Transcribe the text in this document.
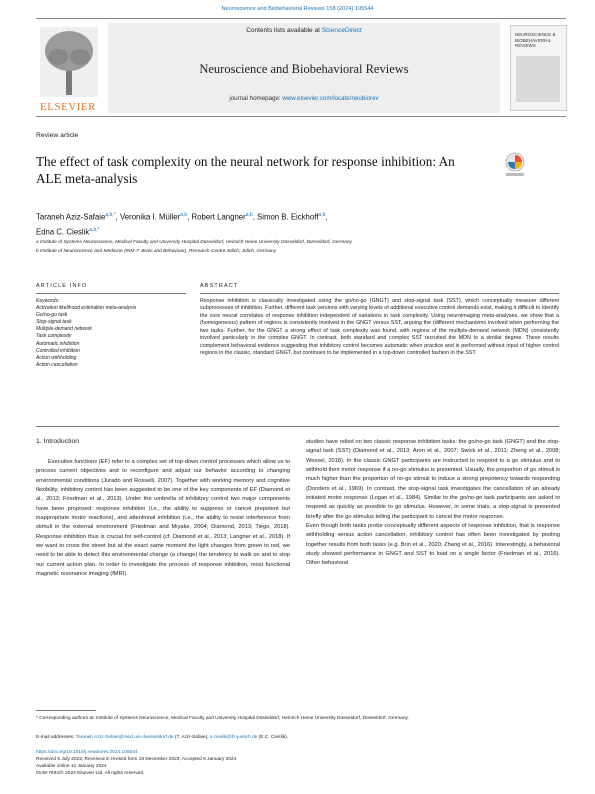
Neuroscience and Biobehavioral Reviews 158 (2024) 105544
ELSEVIER
Contents lists available at ScienceDirect
Neuroscience and Biobehavioral Reviews
journal homepage: www.elsevier.com/locate/neubiorev
NEUROSCIENCE & BIOBEHAVIORAL REVIEWS
Review article
The effect of task complexity on the neural network for response inhibition: An ALE meta-analysis
Taraneh Aziz-Safaie$^{a,b,*}$, Veronika I. Müller$^{a,b}$, Robert Langner$^{a,b}$, Simon B. Eickhoff$^{a,b}$,
Edna C. Cieslik$^{a,b,*}$
a Institute of Systems Neuroscience, Medical Faculty and University Hospital Düsseldorf, Heinrich Heine University Düsseldorf, Düsseldorf, Germany
b Institute of Neuroscience and Medicine (INM-7: Brain and Behaviour), Research Centre Jülich, Jülich, Germany
ARTICLE INFO	ABSTRACT
Keywords:
Activation likelihood estimation meta-analysis
Go/no-go task
Stop-signal task
Multiple-demand network
Task complexity
Automatic inhibition
Controlled inhibition
Action withholding
Action cancellation
Response inhibition is classically investigated using the go/no-go (GNGT) and stop-signal task (SST), which conceptually measure different subprocesses of inhibition. Further, different task versions with varying levels of additional executive control demands exist, making it difficult to identify the core neural correlates of response inhibition independent of variations in task complexity. Using neuroimaging meta-analyses, we show that a (homogeneous) pattern of regions is consistently involved in the GNGT versus SST, arguing the (different mechanisms involved when performing the two tasks. Further, for the GNGT a strong effect of task complexity was found, with regions of the multiple-demand network (MDN) consistently involved particularly in the complex GNGT. In contrast, both standard and complex SST recruited the MDN to a similar degree. These results complement behavioral evidence suggesting that inhibitory control becomes automatic when practice and is performed without input of higher control regions in the classic, standard GNGT, but continues to be implemented in a top-down controlled fashion in the SST.
1. Introduction
Executive functions (EF) refer to a complex set of top-down control processes which allow us to process current objectives and to reconfigure and adjust our behavior according to changing environmental conditions (Jurado and Rosselli, 2007). Together with working memory and cognitive flexibility, inhibitory control has been suggested to be one of the key components of EF (Diamond et al., 2013; Friedman et al., 2013). Under the umbrella of inhibitory control two major components have been proposed: response inhibition (i.e., the ability to suppress or cancel prepotent but inappropriate motor reactions), and attentional inhibition (i.e., the ability to resist interference from stimuli in the external environment (Friedman and Miyake, 2004; Diamond, 2013; Tiego, 2018). Response inhibition thus is crucial for self-control (cf. Diamond et al., 2013; Langner et al., 2018). If we want to cross the street but at the exact same moment the light changes from green to red, we need to be able to detect this environmental change (a change) the tendency to walk on and to stop our current action plan. In order to investigate the process of response inhibition, most functional magnetic resonance imaging (fMRI)
studies have relied on two classic response inhibition tasks: the go/no-go task (GNGT) and the stop-signal task (SST) (Diamond et al., 2013; Aron et al., 2007; Swick et al., 2011; Zheng et al., 2008; Wessel, 2018). In the classic GNGT participants are instructed to respond to a go stimulus and to withhold their motor response if a no-go stimulus is presented. Usually, the proportion of go stimuli is much higher than the proportion of no-go stimuli to induce a strong prepotency towards responding (Donders et al., 1969). In contrast, the stop-signal task investigates the cancellation of an already initiated motor response (Logan et al., 1984). Similar to the go/no-go task participants are asked to respond as quickly as possible to go stimulus. However, in some trials, a stop-signal is presented briefly after the go stimulus telling the participant to cancel the motor response.
Even though both tasks probe conceptually different aspects of response inhibition, that is response withholding versus action cancellation, inhibitory control has often been investigated by pooling together results from both tasks (e.g. Brin et al., 2020; Zhang et al., 2016). Interestingly, a behavioral study showed performance in GNGT and SST to load on a single factor (Friedman et al., 2016). Other behavioral
* Corresponding authors at: Institute of Systems Neuroscience, Medical Faculty and University Hospital Düsseldorf, Heinrich Heine University Düsseldorf, Düsseldorf, Germany.
E-mail addresses: Taraneh.Aziz-Safaie@med.uni-duesseldorf.de (T. Aziz-Safaie), e.cieslik@fz-juelich.de (E.C. Cieslik).
https://doi.org/10.1016/j.neubiorev.2024.105544
Received 5 July 2023; Received in revised form 18 December 2023; Accepted 9 January 2024
Available online 12 January 2024
0149-7634/© 2024 Elsevier Ltd. All rights reserved.
